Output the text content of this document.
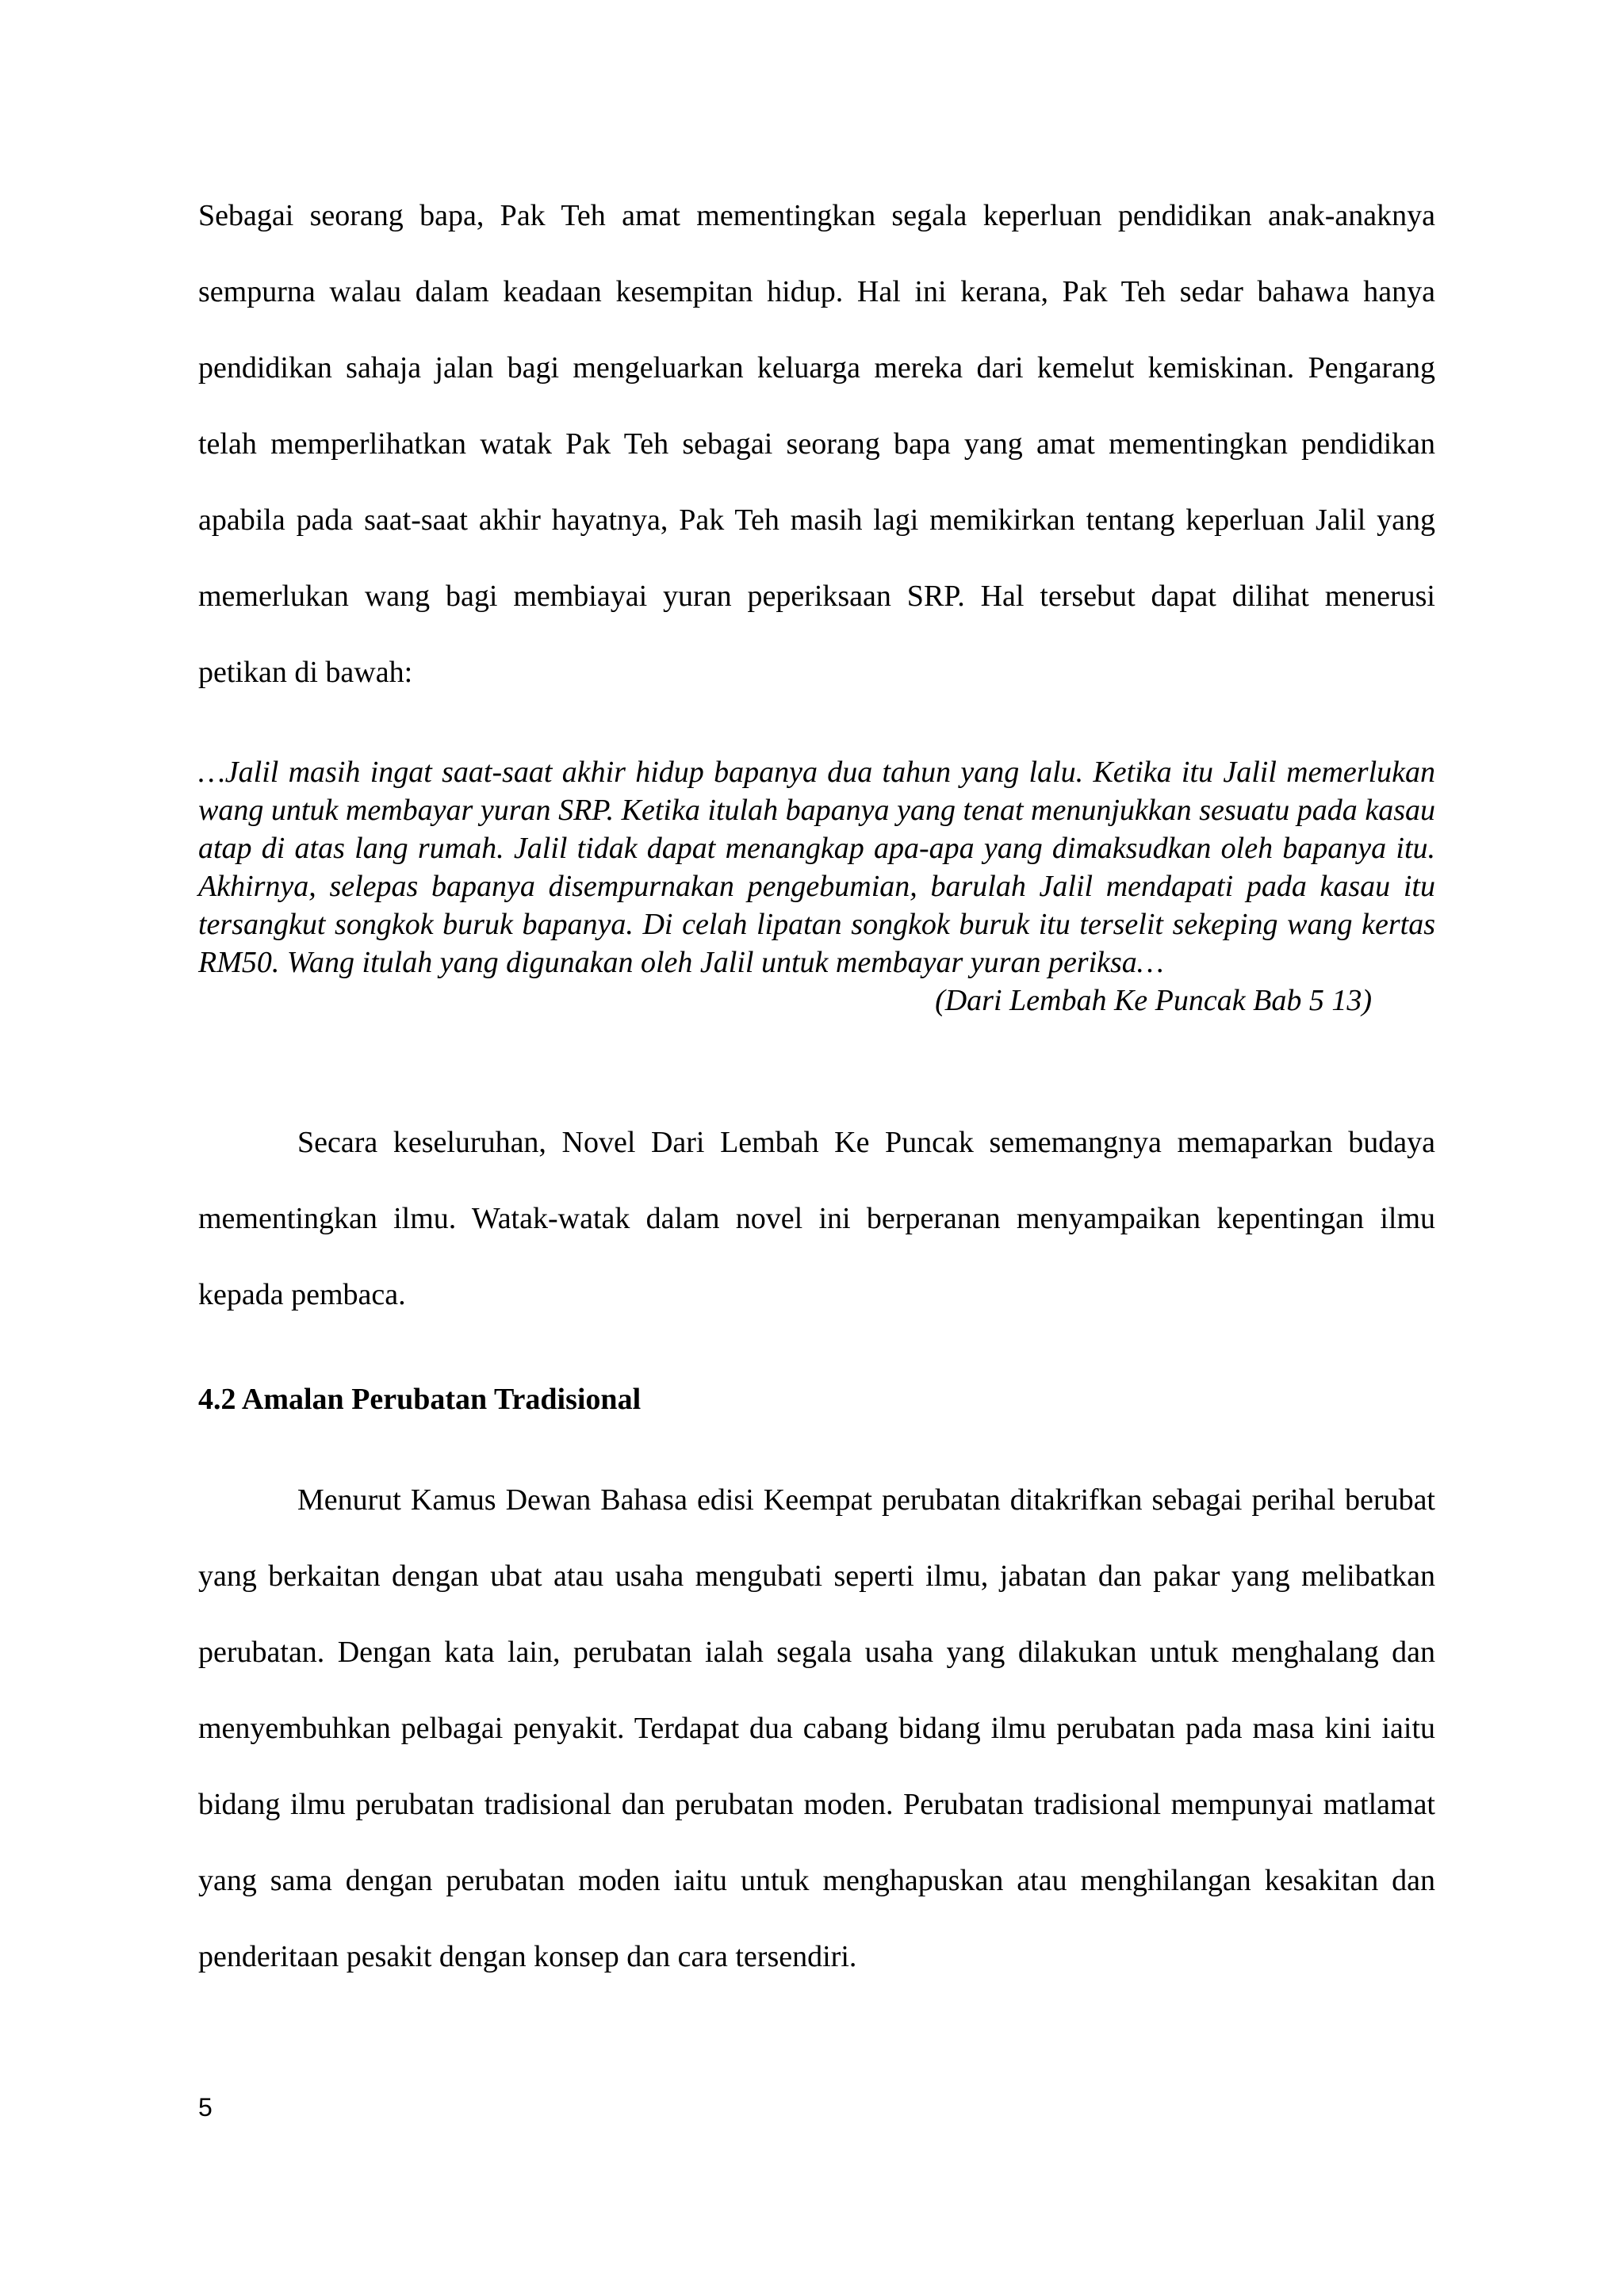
Sebagai seorang bapa, Pak Teh amat mementingkan segala keperluan pendidikan anak-anaknya sempurna walau dalam keadaan kesempitan hidup. Hal ini kerana, Pak Teh sedar bahawa hanya pendidikan sahaja jalan bagi mengeluarkan keluarga mereka dari kemelut kemiskinan. Pengarang telah memperlihatkan watak Pak Teh sebagai seorang bapa yang amat mementingkan pendidikan apabila pada saat-saat akhir hayatnya, Pak Teh masih lagi memikirkan tentang keperluan Jalil yang memerlukan wang bagi membiayai yuran peperiksaan SRP. Hal tersebut dapat dilihat menerusi petikan di bawah:

…Jalil masih ingat saat-saat akhir hidup bapanya dua tahun yang lalu. Ketika itu Jalil memerlukan wang untuk membayar yuran SRP. Ketika itulah bapanya yang tenat menunjukkan sesuatu pada kasau atap di atas lang rumah. Jalil tidak dapat menangkap apa-apa yang dimaksudkan oleh bapanya itu. Akhirnya, selepas bapanya disempurnakan pengebumian, barulah Jalil mendapati pada kasau itu tersangkut songkok buruk bapanya. Di celah lipatan songkok buruk itu terselit sekeping wang kertas RM50. Wang itulah yang digunakan oleh Jalil untuk membayar yuran periksa…

(Dari Lembah Ke Puncak Bab 5 13)

Secara keseluruhan, Novel Dari Lembah Ke Puncak sememangnya memaparkan budaya mementingkan ilmu. Watak-watak dalam novel ini berperanan menyampaikan kepentingan ilmu kepada pembaca.

4.2 Amalan Perubatan Tradisional

Menurut Kamus Dewan Bahasa edisi Keempat perubatan ditakrifkan sebagai perihal berubat yang berkaitan dengan ubat atau usaha mengubati seperti ilmu, jabatan dan pakar yang melibatkan perubatan. Dengan kata lain, perubatan ialah segala usaha yang dilakukan untuk menghalang dan menyembuhkan pelbagai penyakit. Terdapat dua cabang bidang ilmu perubatan pada masa kini iaitu bidang ilmu perubatan tradisional dan perubatan moden. Perubatan tradisional mempunyai matlamat yang sama dengan perubatan moden iaitu untuk menghapuskan atau menghilangan kesakitan dan penderitaan pesakit dengan konsep dan cara tersendiri.

5
